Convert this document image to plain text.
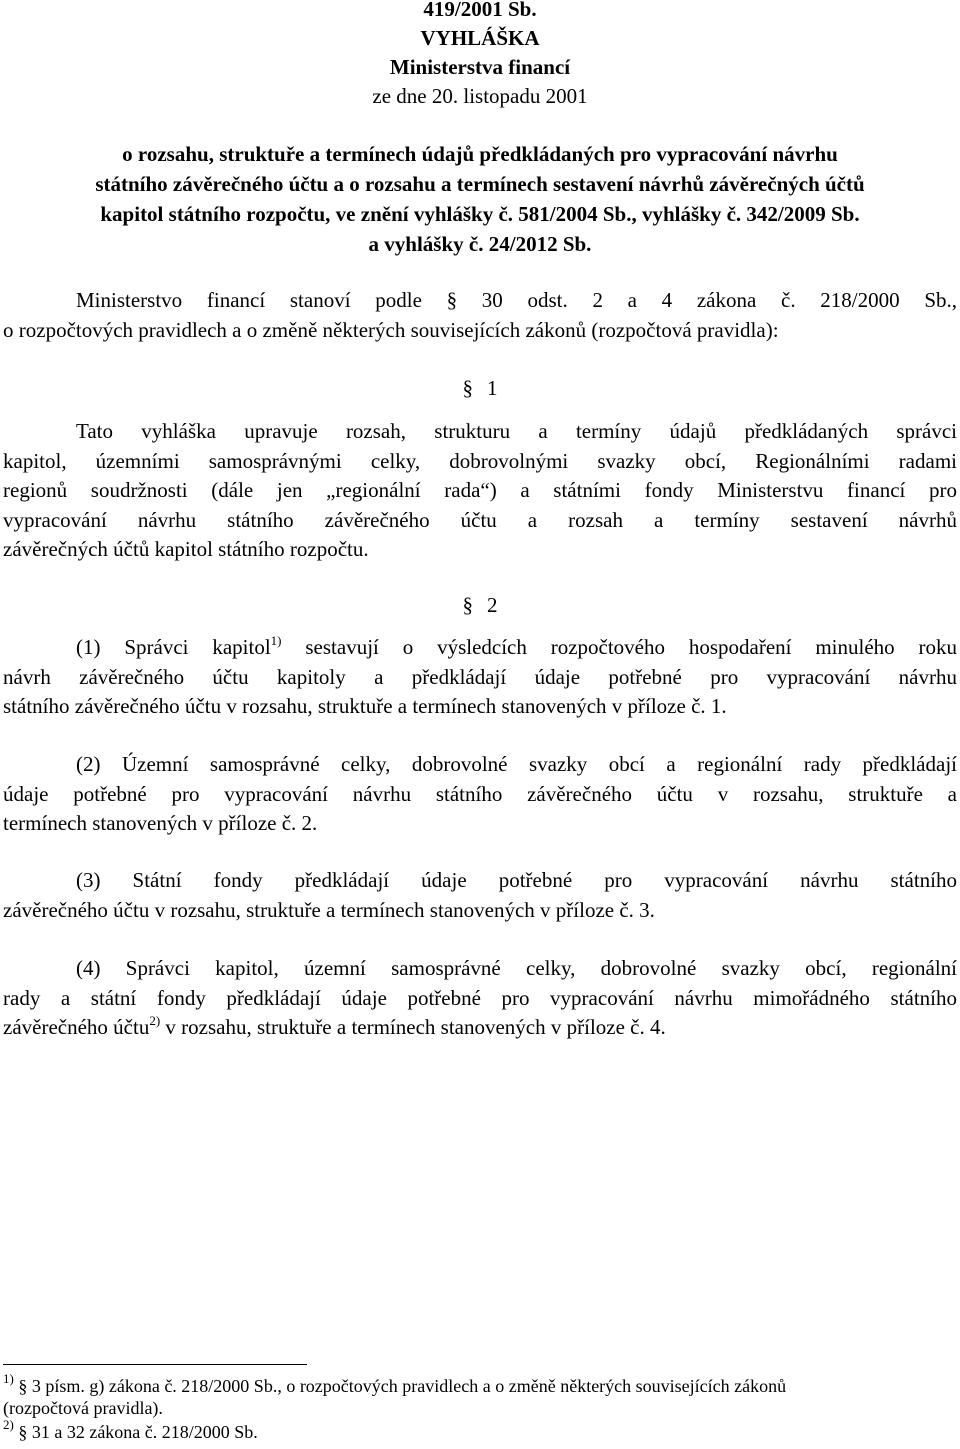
419/2001 Sb.
VYHLÁŠKA
Ministerstva financí
ze dne 20. listopadu 2001
o rozsahu, struktuře a termínech údajů předkládaných pro vypracování návrhu
státního závěrečného účtu a o rozsahu a termínech sestavení návrhů závěrečných účtů
kapitol státního rozpočtu, ve znění vyhlášky č. 581/2004 Sb., vyhlášky č. 342/2009 Sb.
a vyhlášky č. 24/2012 Sb.
Ministerstvo financí stanoví podle § 30 odst. 2 a 4 zákona č. 218/2000 Sb.,
o rozpočtových pravidlech a o změně některých souvisejících zákonů (rozpočtová pravidla):
§ 1
Tato vyhláška upravuje rozsah, strukturu a termíny údajů předkládaných správci
kapitol, územními samosprávnými celky, dobrovolnými svazky obcí, Regionálními radami
regionů soudržnosti (dále jen „regionální rada“) a státními fondy Ministerstvu financí pro
vypracování návrhu státního závěrečného účtu a rozsah a termíny sestavení návrhů
závěrečných účtů kapitol státního rozpočtu.
§ 2
(1) Správci kapitol$^{1)}$ sestavují o výsledcích rozpočtového hospodaření minulého roku
návrh závěrečného účtu kapitoly a předkládají údaje potřebné pro vypracování návrhu
státního závěrečného účtu v rozsahu, struktuře a termínech stanovených v příloze č. 1.
(2) Územní samosprávné celky, dobrovolné svazky obcí a regionální rady předkládají
údaje potřebné pro vypracování návrhu státního závěrečného účtu v rozsahu, struktuře a
termínech stanovených v příloze č. 2.
(3) Státní fondy předkládají údaje potřebné pro vypracování návrhu státního
závěrečného účtu v rozsahu, struktuře a termínech stanovených v příloze č. 3.
(4) Správci kapitol, územní samosprávné celky, dobrovolné svazky obcí, regionální
rady a státní fondy předkládají údaje potřebné pro vypracování návrhu mimořádného státního
závěrečného účtu$^{2)}$ v rozsahu, struktuře a termínech stanovených v příloze č. 4.
$^{1)}$ § 3 písm. g) zákona č. 218/2000 Sb., o rozpočtových pravidlech a o změně některých souvisejících zákonů
(rozpočtová pravidla).
$^{2)}$ § 31 a 32 zákona č. 218/2000 Sb.
